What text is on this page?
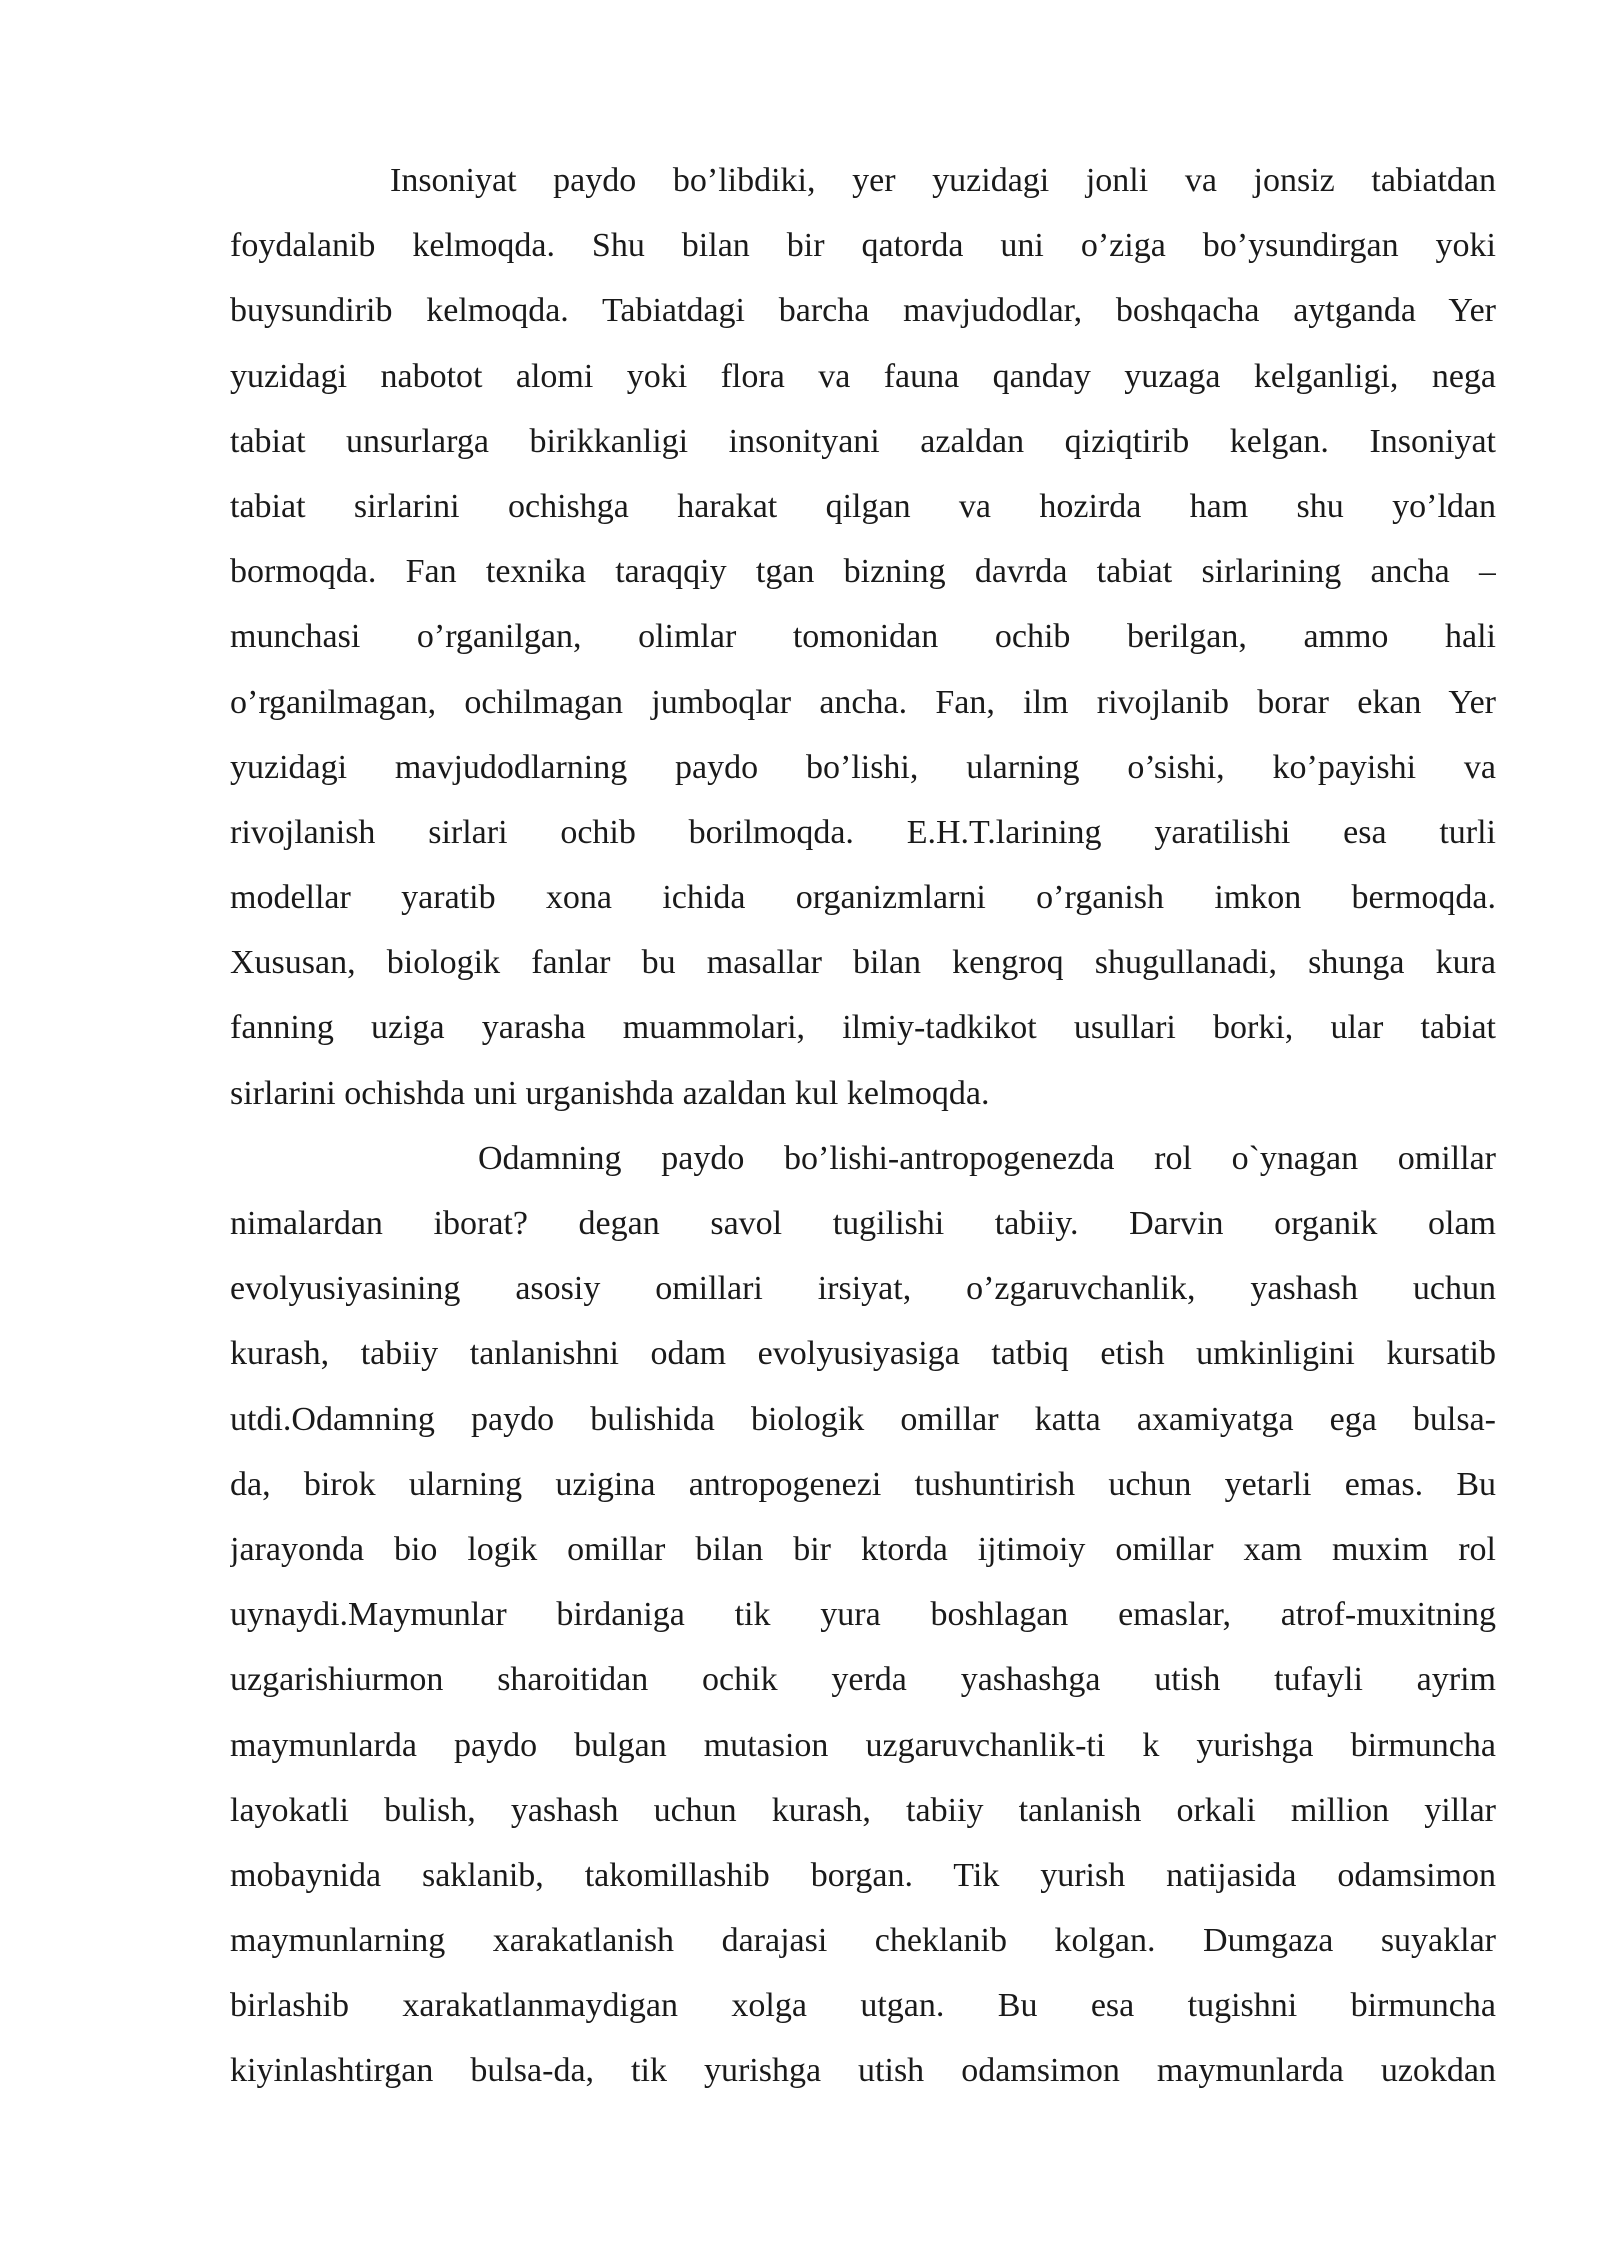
Insoniyat paydo bo’libdiki, yer yuzidagi jonli va jonsiz tabiatdan
foydalanib kelmoqda. Shu bilan bir qatorda uni o’ziga bo’ysundirgan yoki
buysundirib kelmoqda. Tabiatdagi barcha mavjudodlar, boshqacha aytganda Yer
yuzidagi nabotot alomi yoki flora va fauna qanday yuzaga kelganligi, nega
tabiat unsurlarga birikkanligi insonityani azaldan qiziqtirib kelgan. Insoniyat
tabiat sirlarini ochishga harakat qilgan va hozirda ham shu yo’ldan
bormoqda. Fan texnika taraqqiy tgan bizning davrda tabiat sirlarining ancha –
munchasi o’rganilgan, olimlar tomonidan ochib berilgan, ammo hali
o’rganilmagan, ochilmagan jumboqlar ancha. Fan, ilm rivojlanib borar ekan Yer
yuzidagi mavjudodlarning paydo bo’lishi, ularning o’sishi, ko’payishi va
rivojlanish sirlari ochib borilmoqda. E.H.T.larining yaratilishi esa turli
modellar yaratib xona ichida organizmlarni o’rganish imkon bermoqda.
Xususan, biologik fanlar bu masallar bilan kengroq shugullanadi, shunga kura
fanning uziga yarasha muammolari, ilmiy-tadkikot usullari borki, ular tabiat
sirlarini ochishda uni urganishda azaldan kul kelmoqda.
Odamning paydo bo’lishi-antropogenezda rol o`ynagan omillar
nimalardan iborat? degan savol tugilishi tabiiy. Darvin organik olam
evolyusiyasining asosiy omillari irsiyat, o’zgaruvchanlik, yashash uchun
kurash, tabiiy tanlanishni odam evolyusiyasiga tatbiq etish umkinligini kursatib
utdi.Odamning paydo bulishida biologik omillar katta axamiyatga ega bulsa-
da, birok ularning uzigina antropogenezi tushuntirish uchun yetarli emas. Bu
jarayonda bio logik omillar bilan bir ktorda ijtimoiy omillar xam muxim rol
uynaydi.Maymunlar birdaniga tik yura boshlagan emaslar, atrof-muxitning
uzgarishiurmon sharoitidan ochik yerda yashashga utish tufayli ayrim
maymunlarda paydo bulgan mutasion uzgaruvchanlik-ti k yurishga birmuncha
layokatli bulish, yashash uchun kurash, tabiiy tanlanish orkali million yillar
mobaynida saklanib, takomillashib borgan. Tik yurish natijasida odamsimon
maymunlarning xarakatlanish darajasi cheklanib kolgan. Dumgaza suyaklar
birlashib xarakatlanmaydigan xolga utgan. Bu esa tugishni birmuncha
kiyinlashtirgan bulsa-da, tik yurishga utish odamsimon maymunlarda uzokdan
